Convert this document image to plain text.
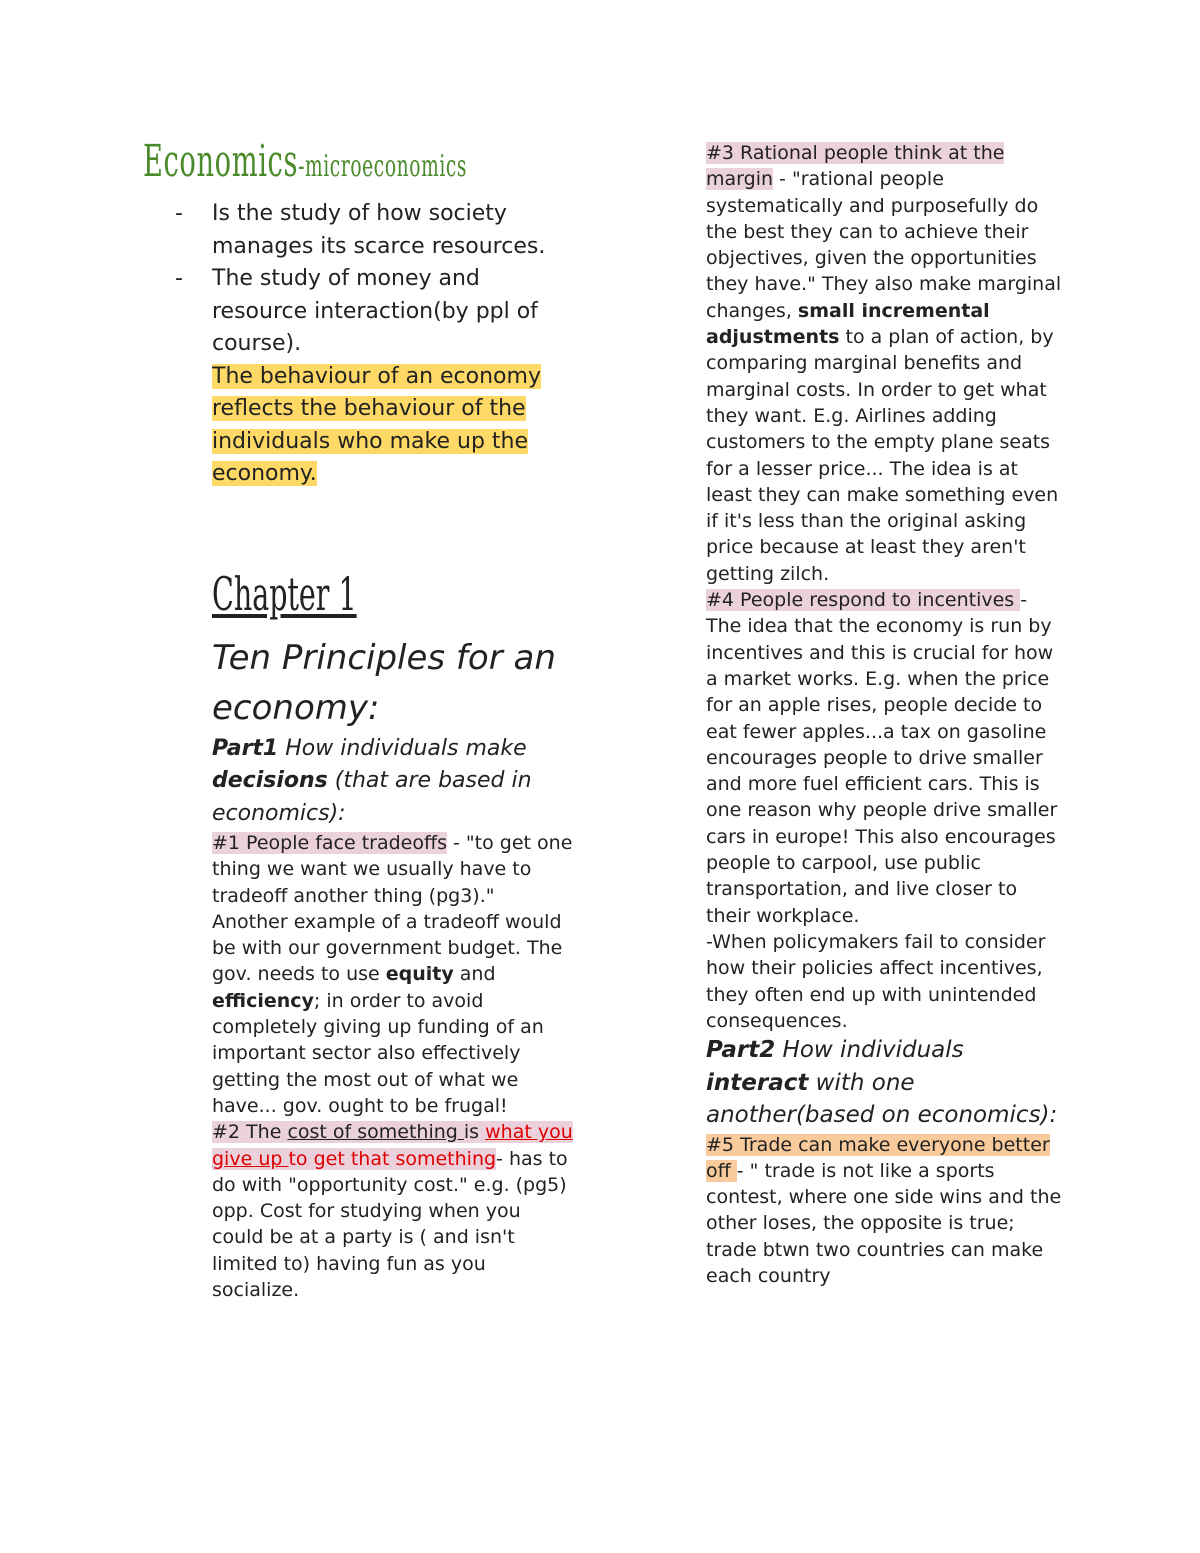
Economics-microeconomics
- Is the study of how society manages its scarce resources.
- The study of money and resource interaction(by ppl of course).
The behaviour of an economy reflects the behaviour of the individuals who make up the economy.
Chapter 1
Ten Principles for an economy:
Part1 How individuals make decisions (that are based in economics):
#1 People face tradeoffs - "to get one thing we want we usually have to tradeoff another thing (pg3)." Another example of a tradeoff would be with our government budget. The gov. needs to use equity and efficiency; in order to avoid completely giving up funding of an important sector also effectively getting the most out of what we have... gov. ought to be frugal!
#2 The cost of something is what you give up to get that something- has to do with "opportunity cost." e.g. (pg5) opp. Cost for studying when you could be at a party is ( and isn't limited to) having fun as you socialize.
#3 Rational people think at the margin - "rational people systematically and purposefully do the best they can to achieve their objectives, given the opportunities they have." They also make marginal changes, small incremental adjustments to a plan of action, by comparing marginal benefits and marginal costs. In order to get what they want. E.g. Airlines adding customers to the empty plane seats for a lesser price... The idea is at least they can make something even if it's less than the original asking price because at least they aren't getting zilch.
#4 People respond to incentives - The idea that the economy is run by incentives and this is crucial for how a market works. E.g. when the price for an apple rises, people decide to eat fewer apples...a tax on gasoline encourages people to drive smaller and more fuel efficient cars. This is one reason why people drive smaller cars in europe! This also encourages people to carpool, use public transportation, and live closer to their workplace.
-When policymakers fail to consider how their policies affect incentives, they often end up with unintended consequences.
Part2 How individuals interact with one another(based on economics):
#5 Trade can make everyone better off - " trade is not like a sports contest, where one side wins and the other loses, the opposite is true; trade btwn two countries can make each country
